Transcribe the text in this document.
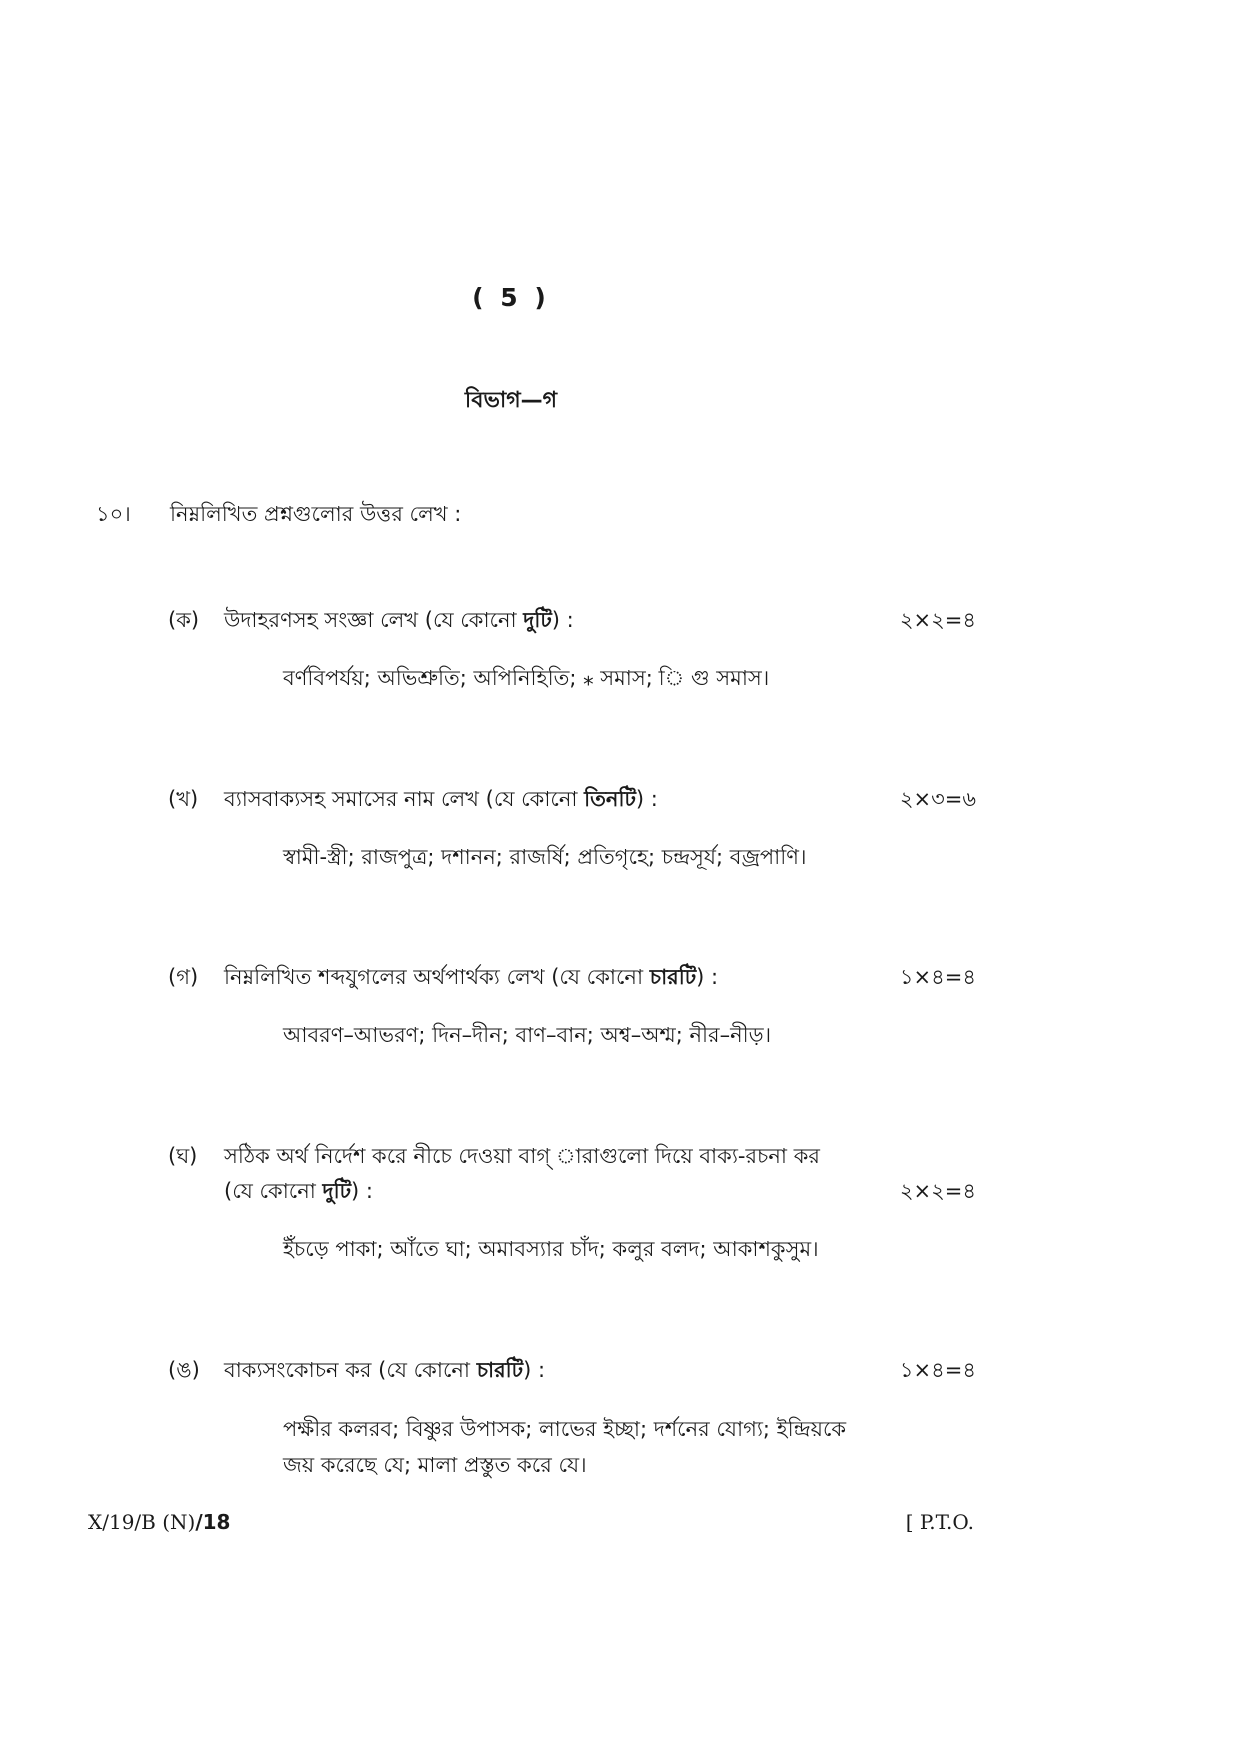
( 5 )
বিভাগ—গ
১০। নিম্নলিখিত প্রশ্নগুলোর উত্তর লেখ :
(ক) উদাহরণসহ সংজ্ঞা লেখ (যে কোনো দুটি) :	২×২=৪
বর্ণবিপর্যয়; অভিশ্রুতি; অপিনিহিতি; ⁎ সমাস; ি গু সমাস।
(খ) ব্যাসবাক্যসহ সমাসের নাম লেখ (যে কোনো তিনটি) :	২×৩=৬
স্বামী-স্ত্রী; রাজপুত্র; দশানন; রাজর্ষি; প্রতিগৃহে; চন্দ্রসূর্য; বজ্রপাণি।
(গ) নিম্নলিখিত শব্দযুগলের অর্থপার্থক্য লেখ (যে কোনো চারটি) :	১×৪=৪
আবরণ–আভরণ; দিন–দীন; বাণ–বান; অশ্ব–অশ্ম; নীর–নীড়।
(ঘ) সঠিক অর্থ নির্দেশ করে নীচে দেওয়া বাগ্ ারাগুলো দিয়ে বাক্য-রচনা কর
(যে কোনো দুটি) :	২×২=৪
ইঁচড়ে পাকা; আঁতে ঘা; অমাবস্যার চাঁদ; কলুর বলদ; আকাশকুসুম।
(ঙ) বাক্যসংকোচন কর (যে কোনো চারটি) :	১×৪=৪
পক্ষীর কলরব; বিষ্ণুর উপাসক; লাভের ইচ্ছা; দর্শনের যোগ্য; ইন্দ্রিয়কে
জয় করেছে যে; মালা প্রস্তুত করে যে।
X/19/B (N)/18	[ P.T.O.
